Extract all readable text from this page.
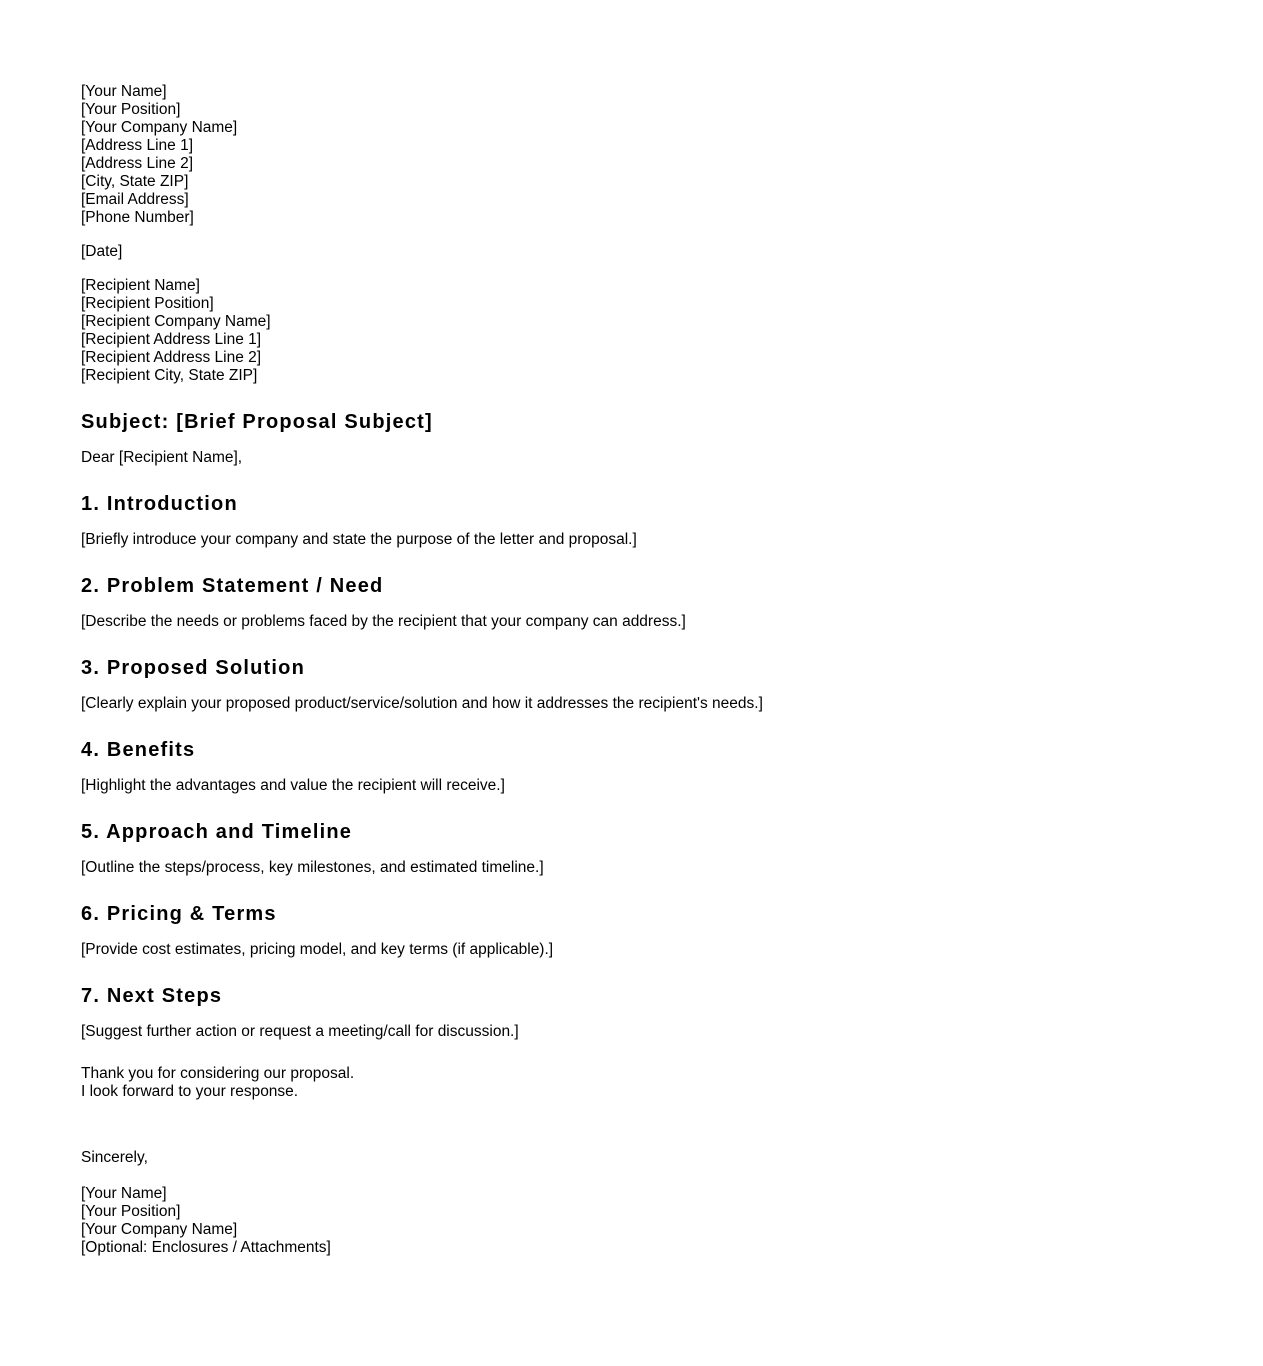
[Your Name]
[Your Position]
[Your Company Name]
[Address Line 1]
[Address Line 2]
[City, State ZIP]
[Email Address]
[Phone Number]
[Date]
[Recipient Name]
[Recipient Position]
[Recipient Company Name]
[Recipient Address Line 1]
[Recipient Address Line 2]
[Recipient City, State ZIP]
Subject: [Brief Proposal Subject]

Dear [Recipient Name],

1. Introduction

[Briefly introduce your company and state the purpose of the letter and proposal.]

2. Problem Statement / Need

[Describe the needs or problems faced by the recipient that your company can address.]

3. Proposed Solution

[Clearly explain your proposed product/service/solution and how it addresses the recipient's needs.]

4. Benefits

[Highlight the advantages and value the recipient will receive.]

5. Approach and Timeline

[Outline the steps/process, key milestones, and estimated timeline.]

6. Pricing & Terms

[Provide cost estimates, pricing model, and key terms (if applicable).]

7. Next Steps

[Suggest further action or request a meeting/call for discussion.]

Thank you for considering our proposal.
I look forward to your response.
Sincerely,
[Your Name]
[Your Position]
[Your Company Name]
[Optional: Enclosures / Attachments]
